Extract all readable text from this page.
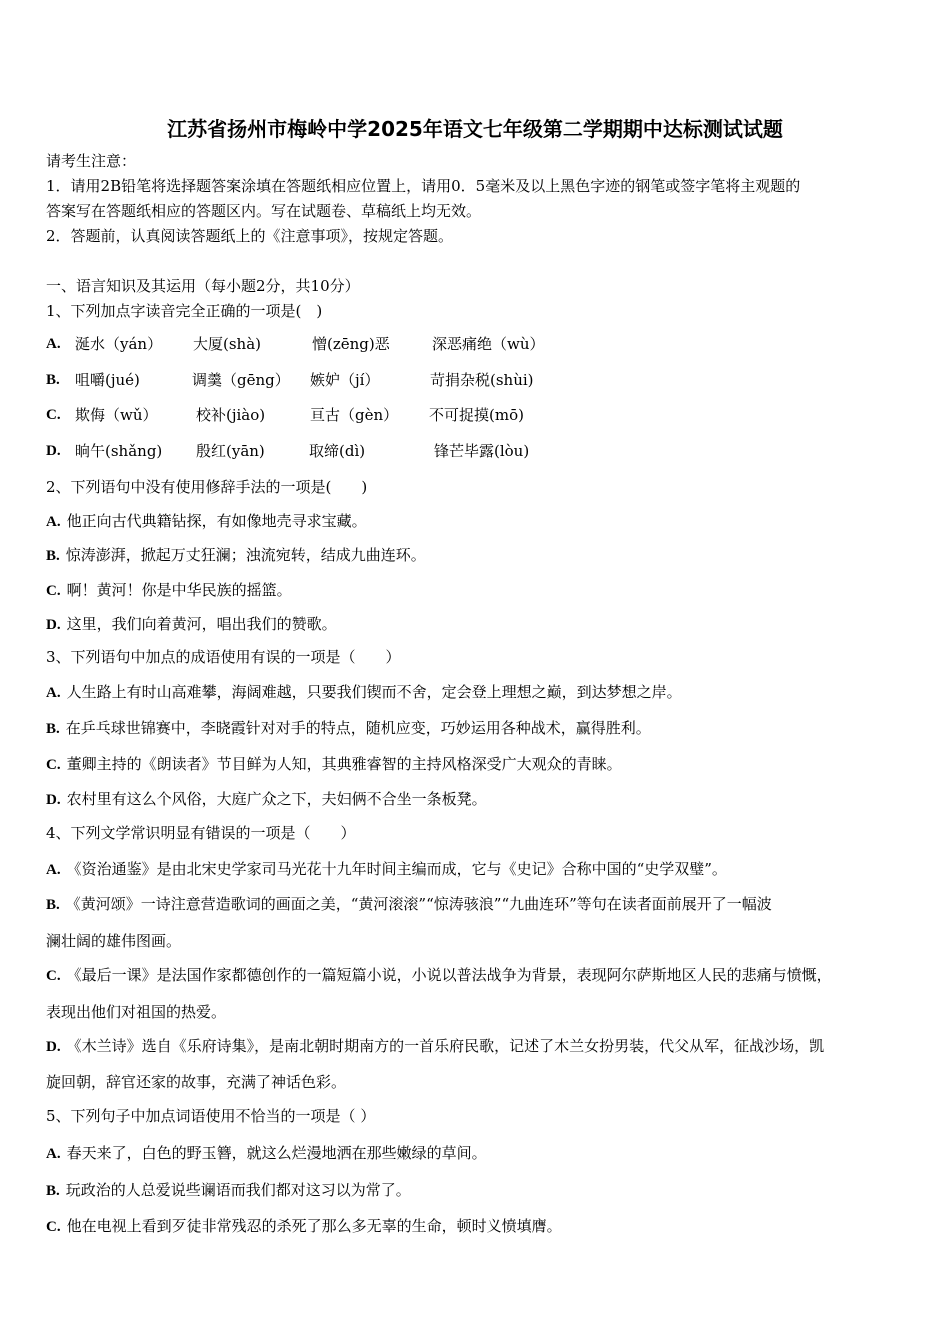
江苏省扬州市梅岭中学2025年语文七年级第二学期期中达标测试试题
请考生注意：
1．请用2B铅笔将选择题答案涂填在答题纸相应位置上，请用0．5毫米及以上黑色字迹的钢笔或签字笔将主观题的
答案写在答题纸相应的答题区内。写在试题卷、草稿纸上均无效。
2．答题前，认真阅读答题纸上的《注意事项》，按规定答题。
一、语言知识及其运用（每小题2分，共10分）
1、下列加点字读音完全正确的一项是(　)
A. 涎水（yán） 大厦(shà)	憎(zēng)恶	深恶痛绝（wù）
B. 咀嚼(jué)	调羹（gēng） 嫉妒（jí）	苛捐杂税(shùi)
C. 欺侮（wǔ）	校补(jiào)	亘古（gèn） 不可捉摸(mō)
D. 晌午(shǎng) 殷红(yān)	取缔(dì)	锋芒毕露(lòu)
2、下列语句中没有使用修辞手法的一项是(　　)
A. 他正向古代典籍钻探，有如像地壳寻求宝藏。
B. 惊涛澎湃，掀起万丈狂澜；浊流宛转，结成九曲连环。
C. 啊！黄河！你是中华民族的摇篮。
D. 这里，我们向着黄河，唱出我们的赞歌。
3、下列语句中加点的成语使用有误的一项是（　　）
A. 人生路上有时山高难攀，海阔难越，只要我们锲而不舍，定会登上理想之巅，到达梦想之岸。
B. 在乒乓球世锦赛中，李晓霞针对对手的特点，随机应变，巧妙运用各种战术，赢得胜利。
C. 董卿主持的《朗读者》节目鲜为人知，其典雅睿智的主持风格深受广大观众的青睐。
D. 农村里有这么个风俗，大庭广众之下，夫妇俩不合坐一条板凳。
4、下列文学常识明显有错误的一项是（　　）
A. 《资治通鉴》是由北宋史学家司马光花十九年时间主编而成，它与《史记》合称中国的“史学双璧”。
B. 《黄河颂》一诗注意营造歌词的画面之美，“黄河滚滚”“惊涛骇浪”“九曲连环”等句在读者面前展开了一幅波
澜壮阔的雄伟图画。
C. 《最后一课》是法国作家都德创作的一篇短篇小说，小说以普法战争为背景，表现阿尔萨斯地区人民的悲痛与愤慨，
表现出他们对祖国的热爱。
D. 《木兰诗》选自《乐府诗集》，是南北朝时期南方的一首乐府民歌，记述了木兰女扮男装，代父从军，征战沙场，凯
旋回朝，辞官还家的故事，充满了神话色彩。
5、下列句子中加点词语使用不恰当的一项是（ ）
A. 春天来了，白色的野玉簪，就这么烂漫地洒在那些嫩绿的草间。
B. 玩政治的人总爱说些谰语而我们都对这习以为常了。
C. 他在电视上看到歹徒非常残忍的杀死了那么多无辜的生命，顿时义愤填膺。
